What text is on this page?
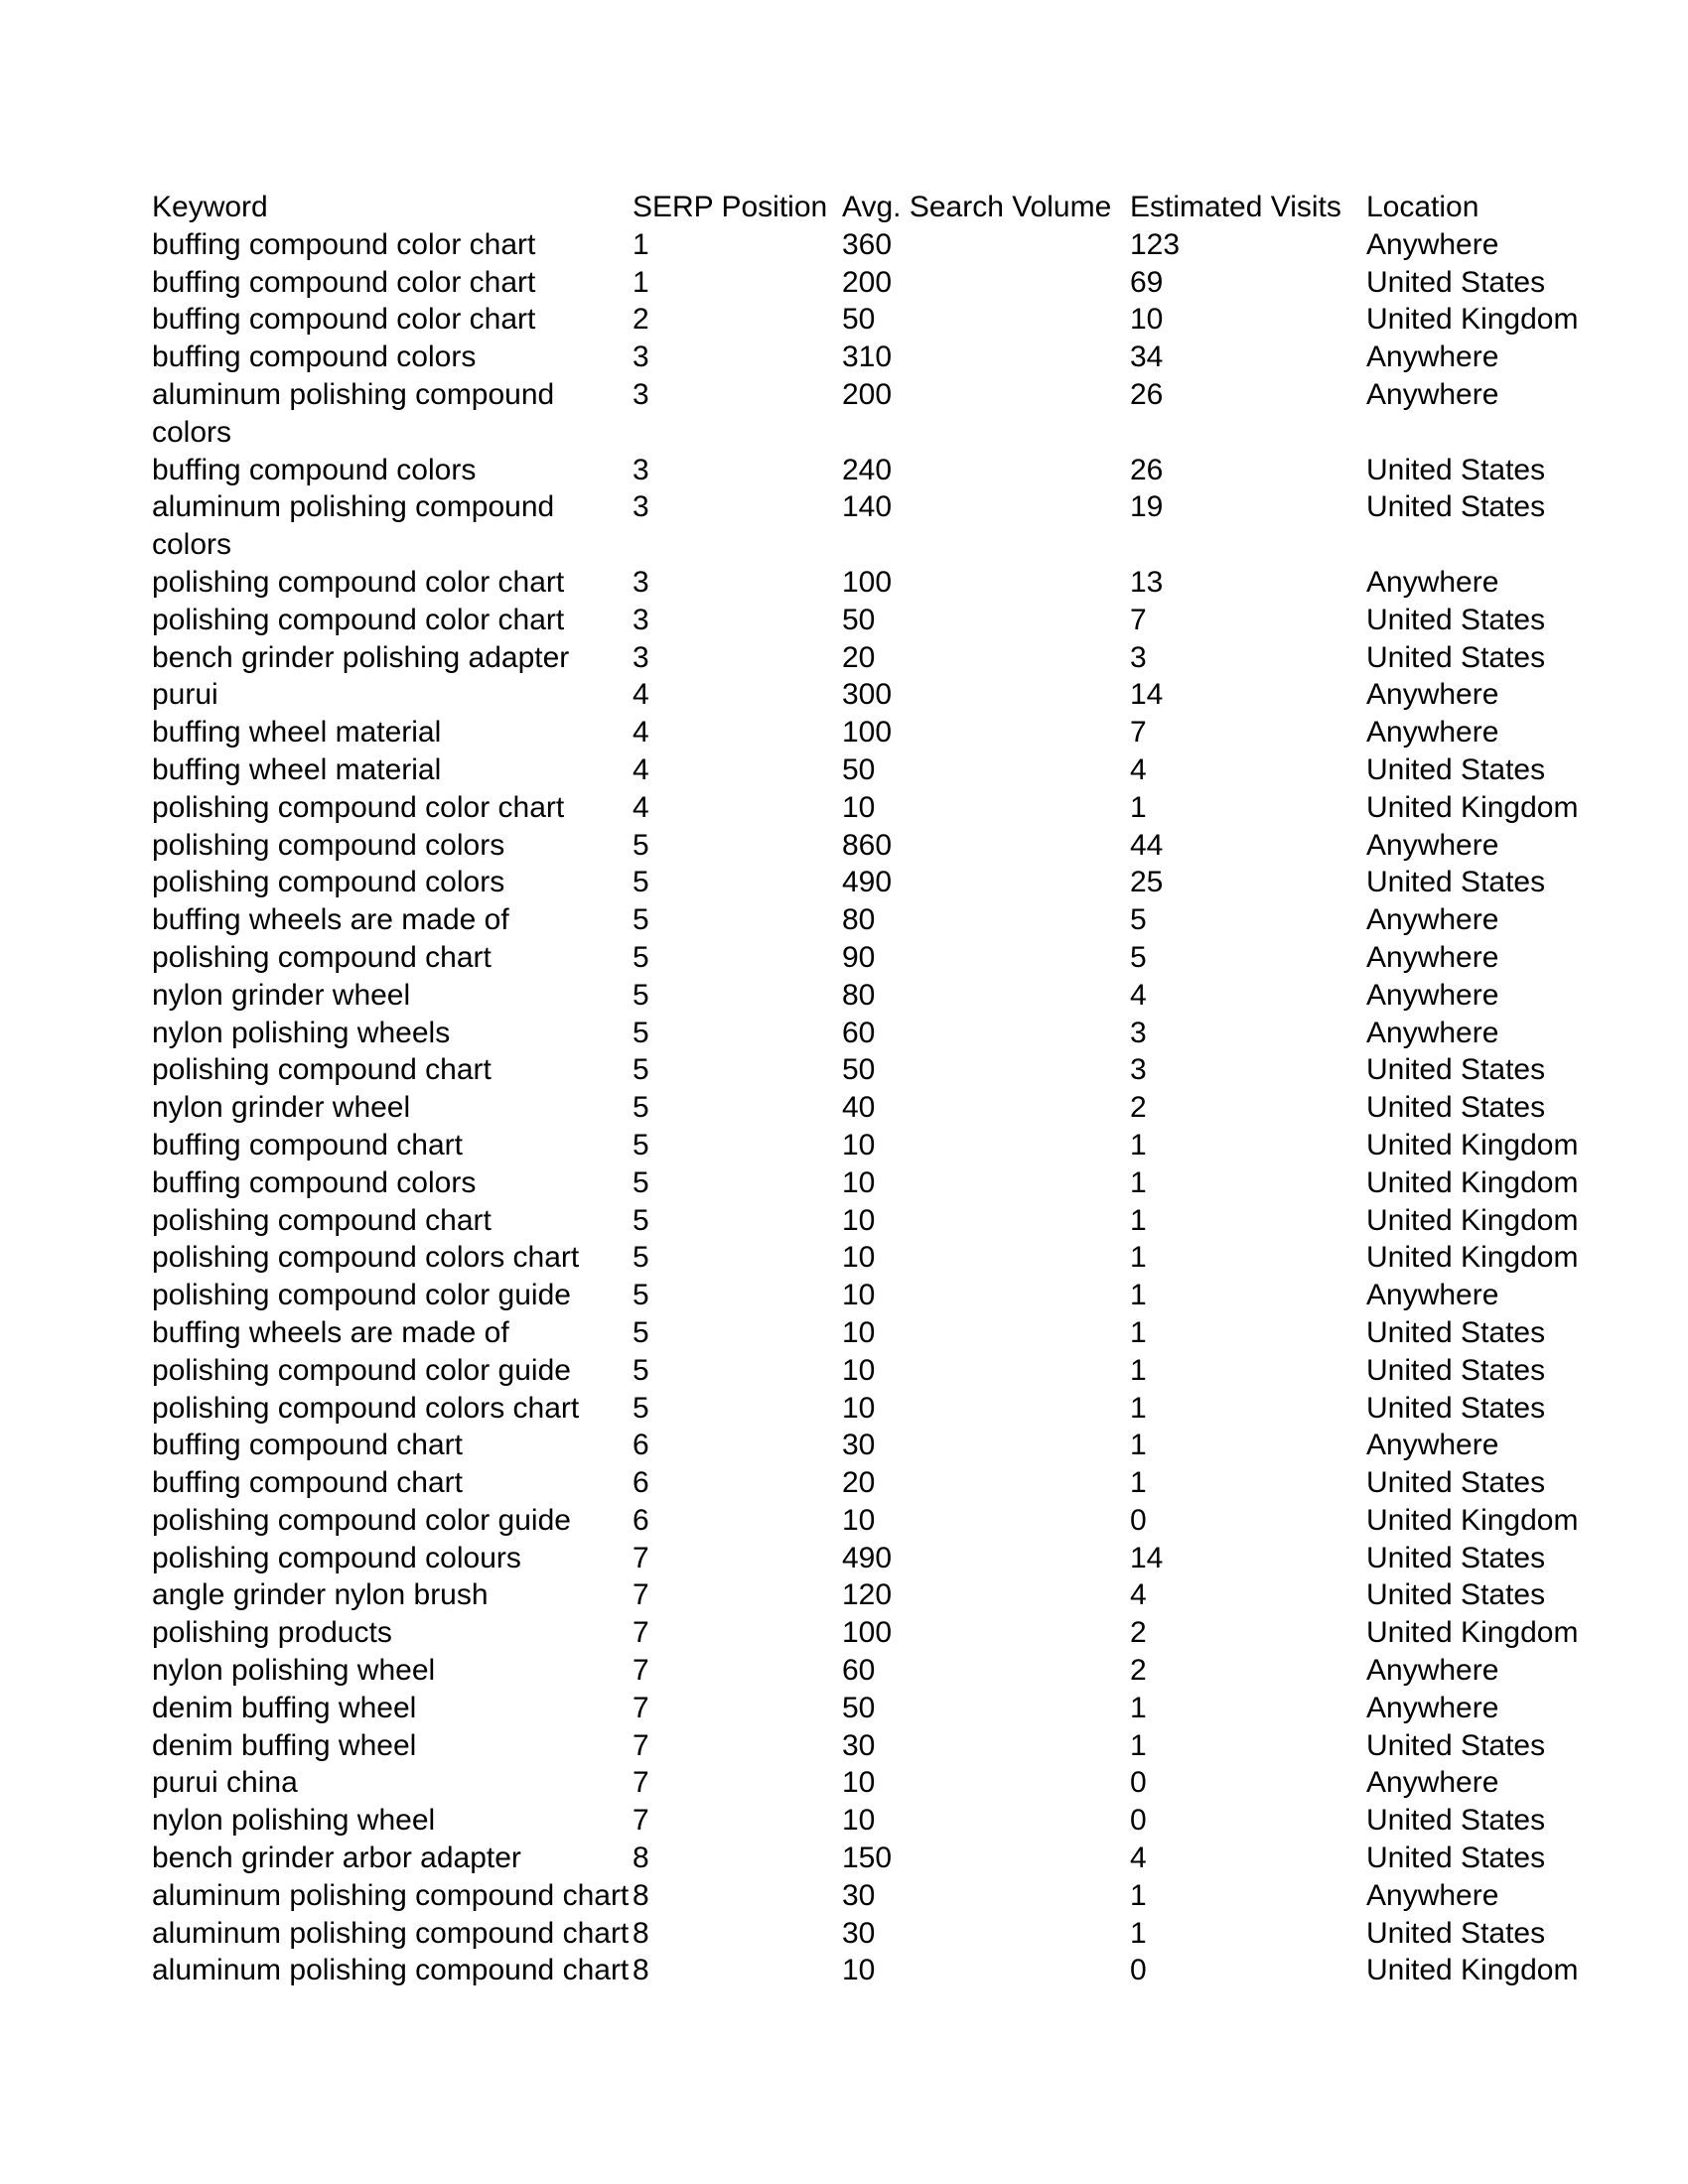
Keyword	SERP Position	Avg. Search Volume	Estimated Visits	Location
buffing compound color chart	1	360	123	Anywhere
buffing compound color chart	1	200	69	United States
buffing compound color chart	2	50	10	United Kingdom
buffing compound colors	3	310	34	Anywhere

aluminum polishing compound
colors	3	200	26	Anywhere
buffing compound colors	3	240	26	United States

aluminum polishing compound
colors	3	140	19	United States
polishing compound color chart	3	100	13	Anywhere
polishing compound color chart	3	50	7	United States
bench grinder polishing adapter	3	20	3	United States
purui	4	300	14	Anywhere
buffing wheel material	4	100	7	Anywhere
buffing wheel material	4	50	4	United States
polishing compound color chart	4	10	1	United Kingdom
polishing compound colors	5	860	44	Anywhere
polishing compound colors	5	490	25	United States
buffing wheels are made of	5	80	5	Anywhere
polishing compound chart	5	90	5	Anywhere
nylon grinder wheel	5	80	4	Anywhere
nylon polishing wheels	5	60	3	Anywhere
polishing compound chart	5	50	3	United States
nylon grinder wheel	5	40	2	United States
buffing compound chart	5	10	1	United Kingdom
buffing compound colors	5	10	1	United Kingdom
polishing compound chart	5	10	1	United Kingdom
polishing compound colors chart	5	10	1	United Kingdom
polishing compound color guide	5	10	1	Anywhere
buffing wheels are made of	5	10	1	United States
polishing compound color guide	5	10	1	United States
polishing compound colors chart	5	10	1	United States
buffing compound chart	6	30	1	Anywhere
buffing compound chart	6	20	1	United States
polishing compound color guide	6	10	0	United Kingdom
polishing compound colours	7	490	14	United States
angle grinder nylon brush	7	120	4	United States
polishing products	7	100	2	United Kingdom
nylon polishing wheel	7	60	2	Anywhere
denim buffing wheel	7	50	1	Anywhere
denim buffing wheel	7	30	1	United States
purui china	7	10	0	Anywhere
nylon polishing wheel	7	10	0	United States
bench grinder arbor adapter	8	150	4	United States
aluminum polishing compound chart	8	30	1	Anywhere
aluminum polishing compound chart	8	30	1	United States
aluminum polishing compound chart	8	10	0	United Kingdom
